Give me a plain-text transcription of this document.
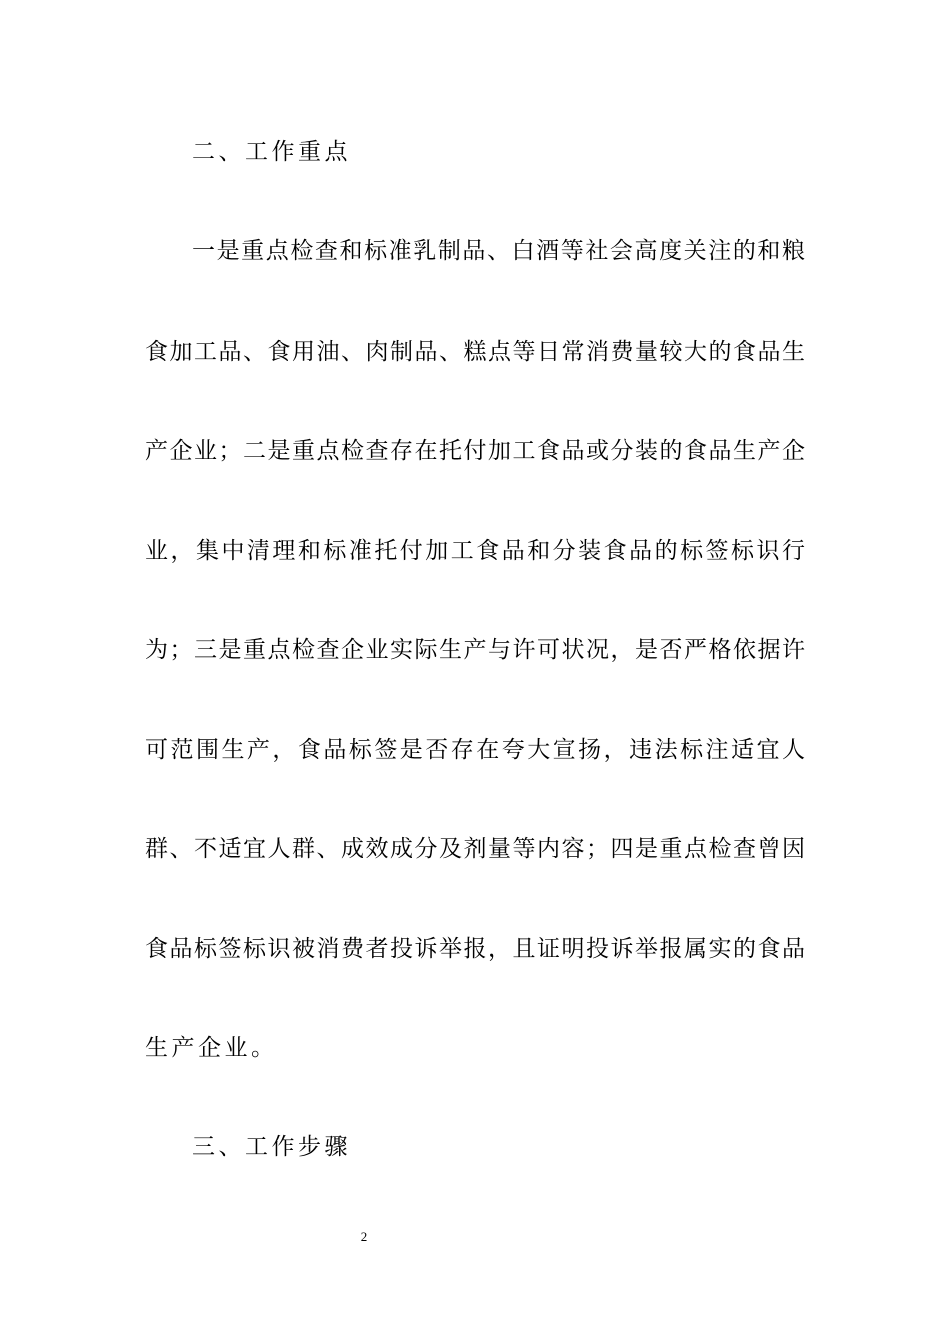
二、工作重点
一是重点检查和标准乳制品、白酒等社会高度关注的和粮
食加工品、食用油、肉制品、糕点等日常消费量较大的食品生
产企业；二是重点检查存在托付加工食品或分装的食品生产企
业，集中清理和标准托付加工食品和分装食品的标签标识行
为；三是重点检查企业实际生产与许可状况，是否严格依据许
可范围生产，食品标签是否存在夸大宣扬，违法标注适宜人
群、不适宜人群、成效成分及剂量等内容；四是重点检查曾因
食品标签标识被消费者投诉举报，且证明投诉举报属实的食品
生产企业。
三、工作步骤
2
